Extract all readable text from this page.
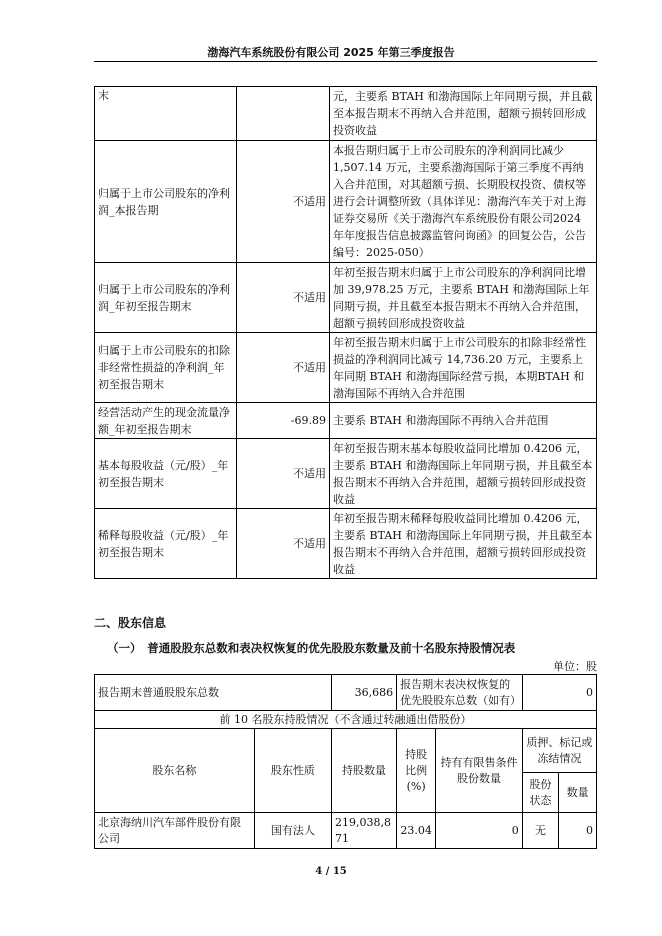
渤海汽车系统股份有限公司 2025 年第三季度报告
末		元，主要系 BTAH 和渤海国际上年同期亏损，并且截至本报告期末不再纳入合并范围，超额亏损转回形成投资收益
归属于上市公司股东的净利润_本报告期	不适用	本报告期归属于上市公司股东的净利润同比减少1,507.14 万元，主要系渤海国际于第三季度不再纳入合并范围，对其超额亏损、长期股权投资、债权等进行会计调整所致（具体详见：渤海汽车关于对上海证券交易所《关于渤海汽车系统股份有限公司2024 年年度报告信息披露监管问询函》的回复公告，公告编号：2025-050）
归属于上市公司股东的净利润_年初至报告期末	不适用	年初至报告期末归属于上市公司股东的净利润同比增加 39,978.25 万元，主要系 BTAH 和渤海国际上年同期亏损，并且截至本报告期末不再纳入合并范围，超额亏损转回形成投资收益
归属于上市公司股东的扣除非经常性损益的净利润_年初至报告期末	不适用	年初至报告期末归属于上市公司股东的扣除非经常性损益的净利润同比减亏 14,736.20 万元，主要系上年同期 BTAH 和渤海国际经营亏损，本期BTAH 和渤海国际不再纳入合并范围
经营活动产生的现金流量净额_年初至报告期末	-69.89	主要系 BTAH 和渤海国际不再纳入合并范围
基本每股收益（元/股）_年初至报告期末	不适用	年初至报告期末基本每股收益同比增加 0.4206 元，主要系 BTAH 和渤海国际上年同期亏损，并且截至本报告期末不再纳入合并范围，超额亏损转回形成投资收益
稀释每股收益（元/股）_年初至报告期末	不适用	年初至报告期末稀释每股收益同比增加 0.4206 元，主要系 BTAH 和渤海国际上年同期亏损，并且截至本报告期末不再纳入合并范围，超额亏损转回形成投资收益
二、股东信息
（一）　普通股股东总数和表决权恢复的优先股股东数量及前十名股东持股情况表
单位：股
报告期末普通股股东总数		36,686	报告期末表决权恢复的优先股股东总数（如有）		0	
前 10 名股东持股情况（不含通过转融通出借股份）						
股东名称	股东性质	持股数量	持股比例(%)	持有有限售条件股份数量	质押、标记或冻结情况	
					股份状态	数量
北京海纳川汽车部件股份有限公司	国有法人	219,038,871	23.04	0	无	0
4 / 15
